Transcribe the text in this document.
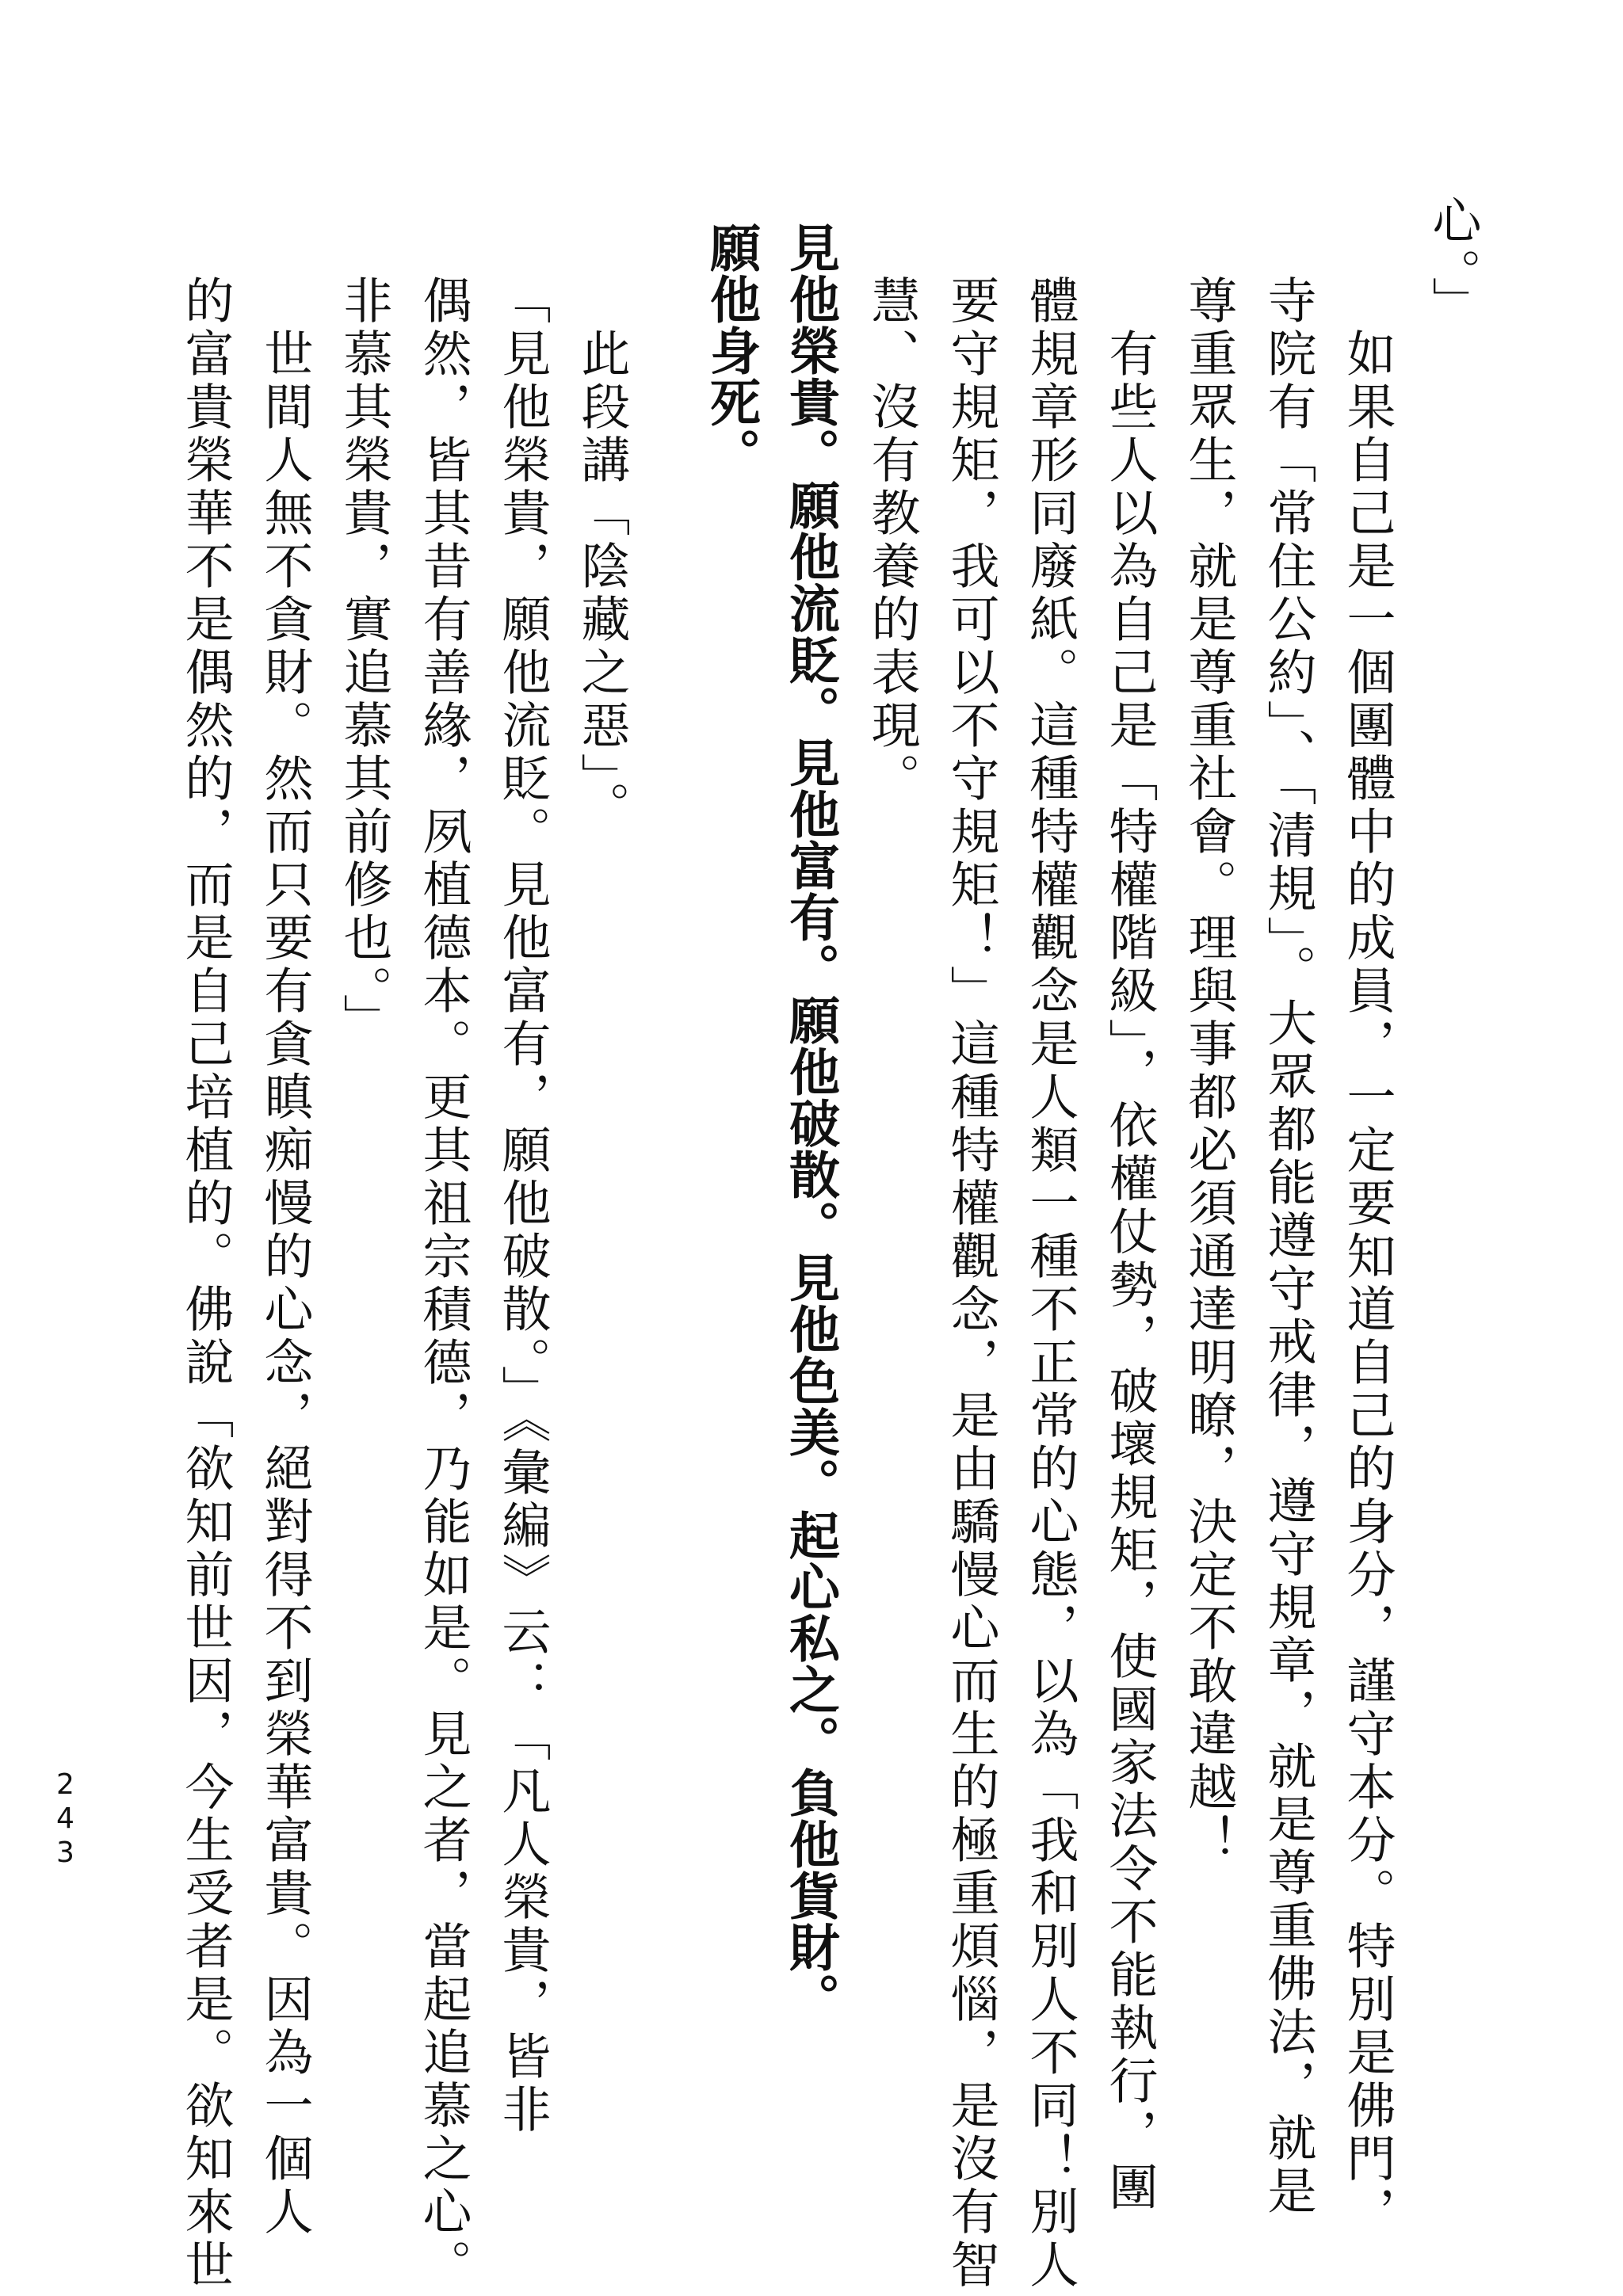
心。」
　如果自己是一個團體中的成員，一定要知道自己的身分，謹守本分。特別是佛門，
寺院有「常住公約」、「清規」。大眾都能遵守戒律，遵守規章，就是尊重佛法，就是
尊重眾生，就是尊重社會。理與事都必須通達明瞭，決定不敢違越！
　有些人以為自己是「特權階級」，依權仗勢，破壞規矩，使國家法令不能執行，團
體規章形同廢紙。這種特權觀念是人類一種不正常的心態，以為「我和別人不同！別人
要守規矩，我可以不守規矩！」這種特權觀念，是由驕慢心而生的極重煩惱，是沒有智
慧、沒有教養的表現。
見他榮貴。願他流貶。見他富有。願他破散。見他色美。起心私之。負他貨財。
願他身死。
　此段講「陰藏之惡」。
「見他榮貴，願他流貶。見他富有，願他破散。」《彙編》云：「凡人榮貴，皆非
偶然，皆其昔有善緣，夙植德本。更其祖宗積德，乃能如是。見之者，當起追慕之心。
非慕其榮貴，實追慕其前修也。」
　世間人無不貪財。然而只要有貪瞋痴慢的心念，絕對得不到榮華富貴。因為一個人
的富貴榮華不是偶然的，而是自己培植的。佛說「欲知前世因，今生受者是。欲知來世
243
